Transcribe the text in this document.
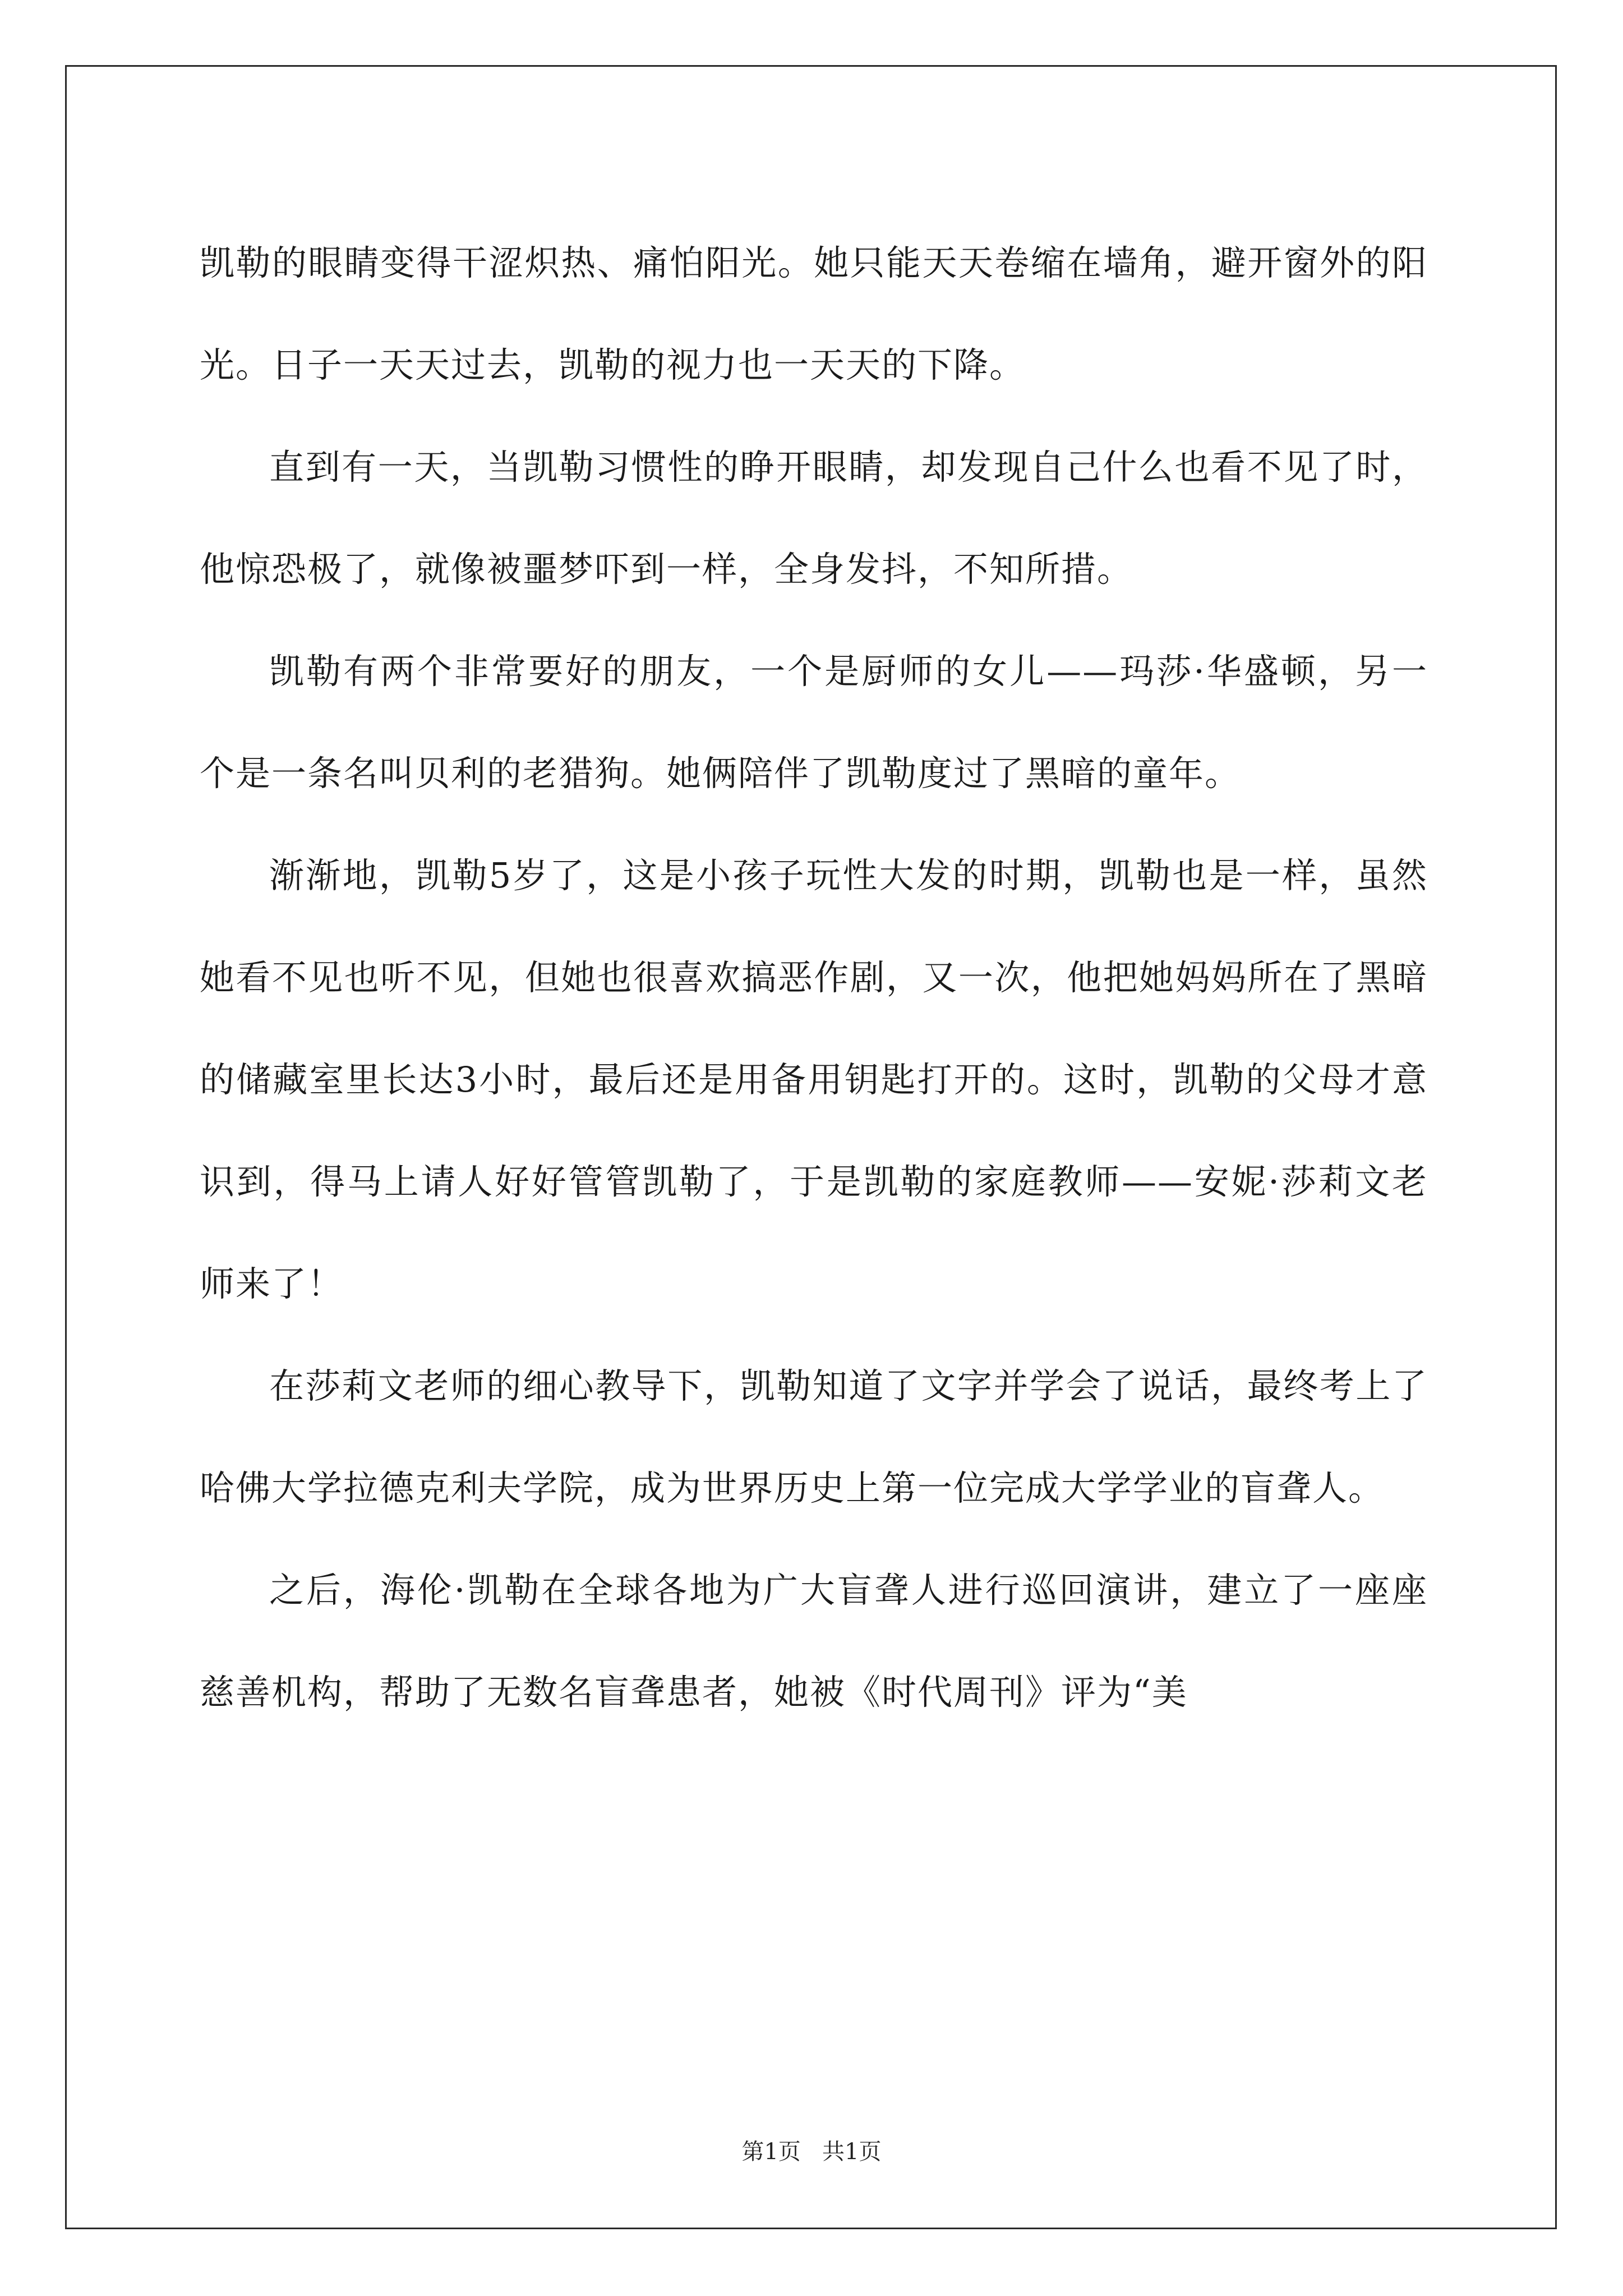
凯勒的眼睛变得干涩炽热、痛怕阳光。她只能天天卷缩在墙角，避开窗外的阳光。日子一天天过去，凯勒的视力也一天天的下降。

直到有一天，当凯勒习惯性的睁开眼睛，却发现自己什么也看不见了时，他惊恐极了，就像被噩梦吓到一样，全身发抖，不知所措。

凯勒有两个非常要好的朋友，一个是厨师的女儿——玛莎·华盛顿，另一个是一条名叫贝利的老猎狗。她俩陪伴了凯勒度过了黑暗的童年。

渐渐地，凯勒5岁了，这是小孩子玩性大发的时期，凯勒也是一样，虽然她看不见也听不见，但她也很喜欢搞恶作剧，又一次，他把她妈妈所在了黑暗的储藏室里长达3小时，最后还是用备用钥匙打开的。这时，凯勒的父母才意识到，得马上请人好好管管凯勒了，于是凯勒的家庭教师——安妮·莎莉文老师来了！

在莎莉文老师的细心教导下，凯勒知道了文字并学会了说话，最终考上了哈佛大学拉德克利夫学院，成为世界历史上第一位完成大学学业的盲聋人。

之后，海伦·凯勒在全球各地为广大盲聋人进行巡回演讲，建立了一座座慈善机构，帮助了无数名盲聋患者，她被《时代周刊》评为“美

第1页   共1页
